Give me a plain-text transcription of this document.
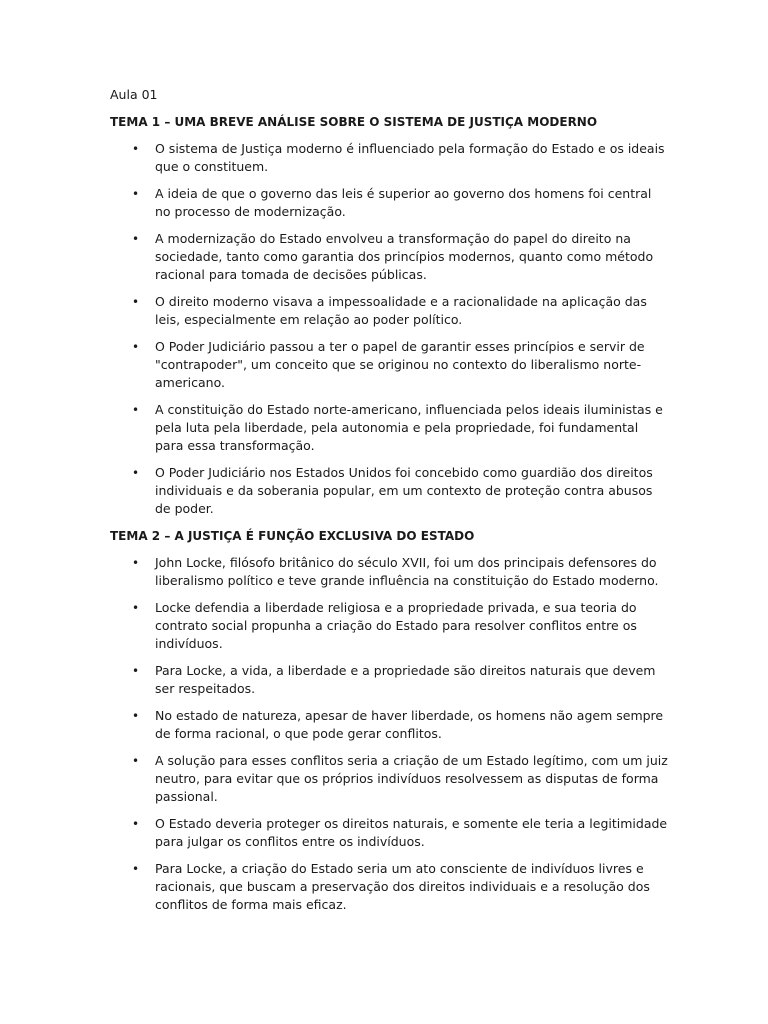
Aula 01
TEMA 1 – UMA BREVE ANÁLISE SOBRE O SISTEMA DE JUSTIÇA MODERNO
• O sistema de Justiça moderno é influenciado pela formação do Estado e os ideais que o constituem.
• A ideia de que o governo das leis é superior ao governo dos homens foi central no processo de modernização.
• A modernização do Estado envolveu a transformação do papel do direito na sociedade, tanto como garantia dos princípios modernos, quanto como método racional para tomada de decisões públicas.
• O direito moderno visava a impessoalidade e a racionalidade na aplicação das leis, especialmente em relação ao poder político.
• O Poder Judiciário passou a ter o papel de garantir esses princípios e servir de "contrapoder", um conceito que se originou no contexto do liberalismo norte-americano.
• A constituição do Estado norte-americano, influenciada pelos ideais iluministas e pela luta pela liberdade, pela autonomia e pela propriedade, foi fundamental para essa transformação.
• O Poder Judiciário nos Estados Unidos foi concebido como guardião dos direitos individuais e da soberania popular, em um contexto de proteção contra abusos de poder.
TEMA 2 – A JUSTIÇA É FUNÇÃO EXCLUSIVA DO ESTADO
• John Locke, filósofo britânico do século XVII, foi um dos principais defensores do liberalismo político e teve grande influência na constituição do Estado moderno.
• Locke defendia a liberdade religiosa e a propriedade privada, e sua teoria do contrato social propunha a criação do Estado para resolver conflitos entre os indivíduos.
• Para Locke, a vida, a liberdade e a propriedade são direitos naturais que devem ser respeitados.
• No estado de natureza, apesar de haver liberdade, os homens não agem sempre de forma racional, o que pode gerar conflitos.
• A solução para esses conflitos seria a criação de um Estado legítimo, com um juiz neutro, para evitar que os próprios indivíduos resolvessem as disputas de forma passional.
• O Estado deveria proteger os direitos naturais, e somente ele teria a legitimidade para julgar os conflitos entre os indivíduos.
• Para Locke, a criação do Estado seria um ato consciente de indivíduos livres e racionais, que buscam a preservação dos direitos individuais e a resolução dos conflitos de forma mais eficaz.
